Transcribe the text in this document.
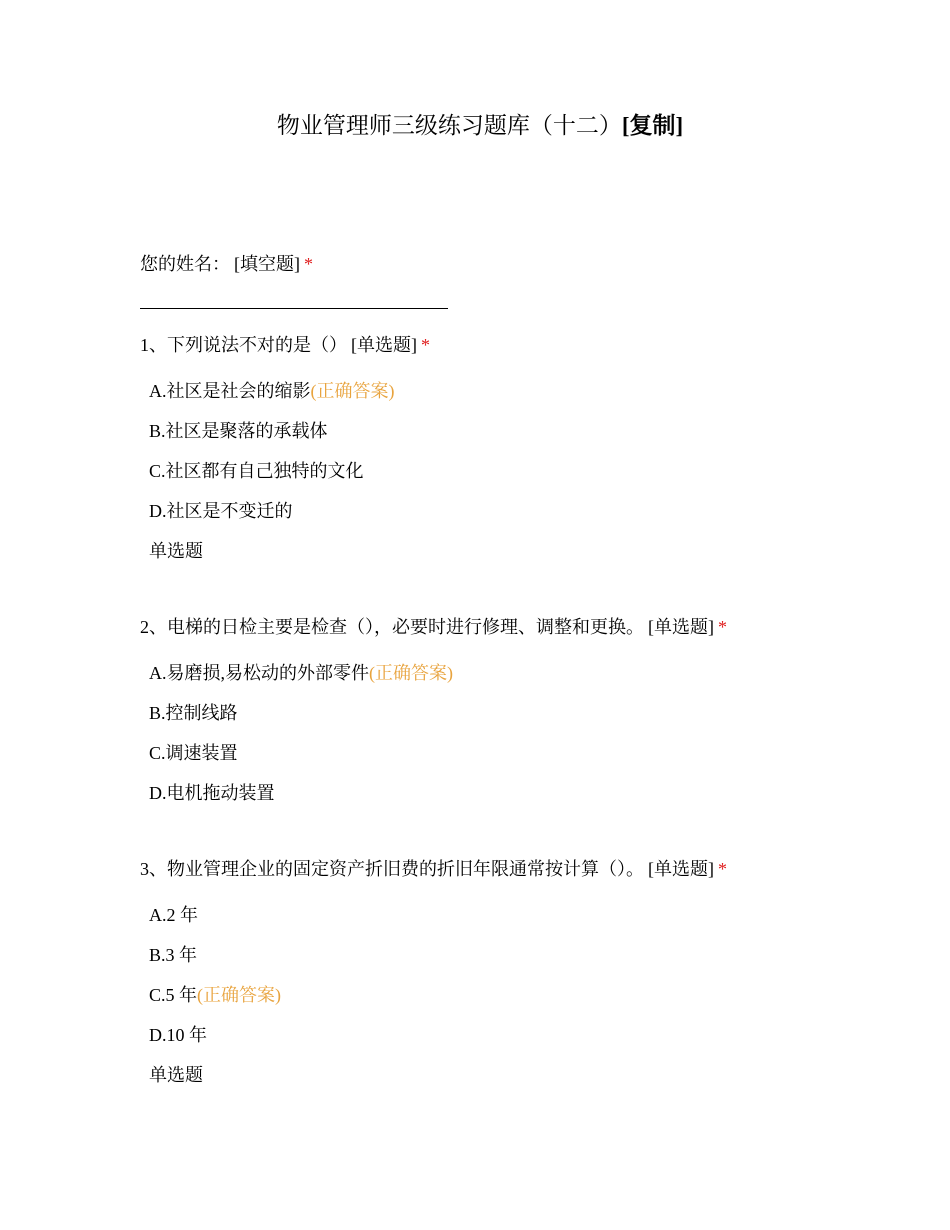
物业管理师三级练习题库（十二）[复制]
您的姓名： [填空题] *
1、下列说法不对的是（） [单选题] *
A.社区是社会的缩影(正确答案)
B.社区是聚落的承载体
C.社区都有自己独特的文化
D.社区是不变迁的
单选题
2、电梯的日检主要是检查（），必要时进行修理、调整和更换。 [单选题] *
A.易磨损,易松动的外部零件(正确答案)
B.控制线路
C.调速装置
D.电机拖动装置
3、物业管理企业的固定资产折旧费的折旧年限通常按计算（）。 [单选题] *
A.2 年
B.3 年
C.5 年(正确答案)
D.10 年
单选题
